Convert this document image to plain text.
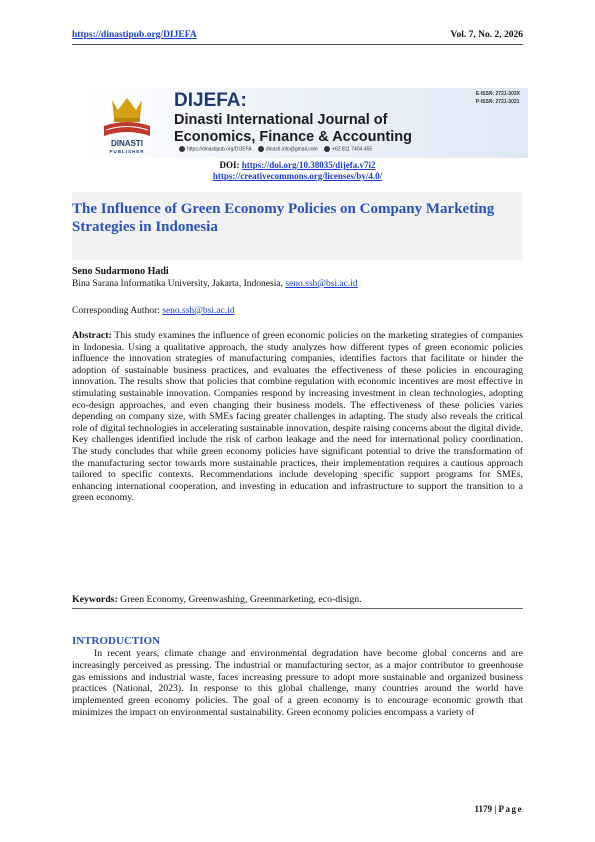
https://dinastipub.org/DIJEFA	Vol. 7, No. 2, 2026
DINASTI
PUBLISHER
DIJEFA:
Dinasti International Journal of
Economics, Finance & Accounting
E-ISSN: 2721-303X
P-ISSN: 2721-3021
https://dinastipub.org/DIJEFA	dinasti.info@gmail.com	+62 811 7404 455
DOI: https://doi.org/10.38035/dijefa.v7i2
https://creativecommons.org/licenses/by/4.0/
The Influence of Green Economy Policies on Company Marketing Strategies in Indonesia
Seno Sudarmono Hadi
Bina Sarana Informatika University, Jakarta, Indonesia, seno.ssh@bsi.ac.id
Corresponding Author: seno.ssh@bsi.ac.id
Abstract: This study examines the influence of green economic policies on the marketing strategies of companies in Indonesia. Using a qualitative approach, the study analyzes how different types of green economic policies influence the innovation strategies of manufacturing companies, identifies factors that facilitate or hinder the adoption of sustainable business practices, and evaluates the effectiveness of these policies in encouraging innovation. The results show that policies that combine regulation with economic incentives are most effective in stimulating sustainable innovation. Companies respond by increasing investment in clean technologies, adopting eco-design approaches, and even changing their business models. The effectiveness of these policies varies depending on company size, with SMEs facing greater challenges in adapting. The study also reveals the critical role of digital technologies in accelerating sustainable innovation, despite raising concerns about the digital divide. Key challenges identified include the risk of carbon leakage and the need for international policy coordination. The study concludes that while green economy policies have significant potential to drive the transformation of the manufacturing sector towards more sustainable practices, their implementation requires a cautious approach tailored to specific contexts. Recommendations include developing specific support programs for SMEs, enhancing international cooperation, and investing in education and infrastructure to support the transition to a green economy.
Keywords: Green Economy, Greenwashing, Greenmarketing, eco-disign.
INTRODUCTION
In recent years, climate change and environmental degradation have become global concerns and are increasingly perceived as pressing. The industrial or manufacturing sector, as a major contributor to greenhouse gas emissions and industrial waste, faces increasing pressure to adopt more sustainable and organized business practices (National, 2023). In response to this global challenge, many countries around the world have implemented green economy policies. The goal of a green economy is to encourage economic growth that minimizes the impact on environmental sustainability. Green economy policies encompass a variety of
1179 | Page
